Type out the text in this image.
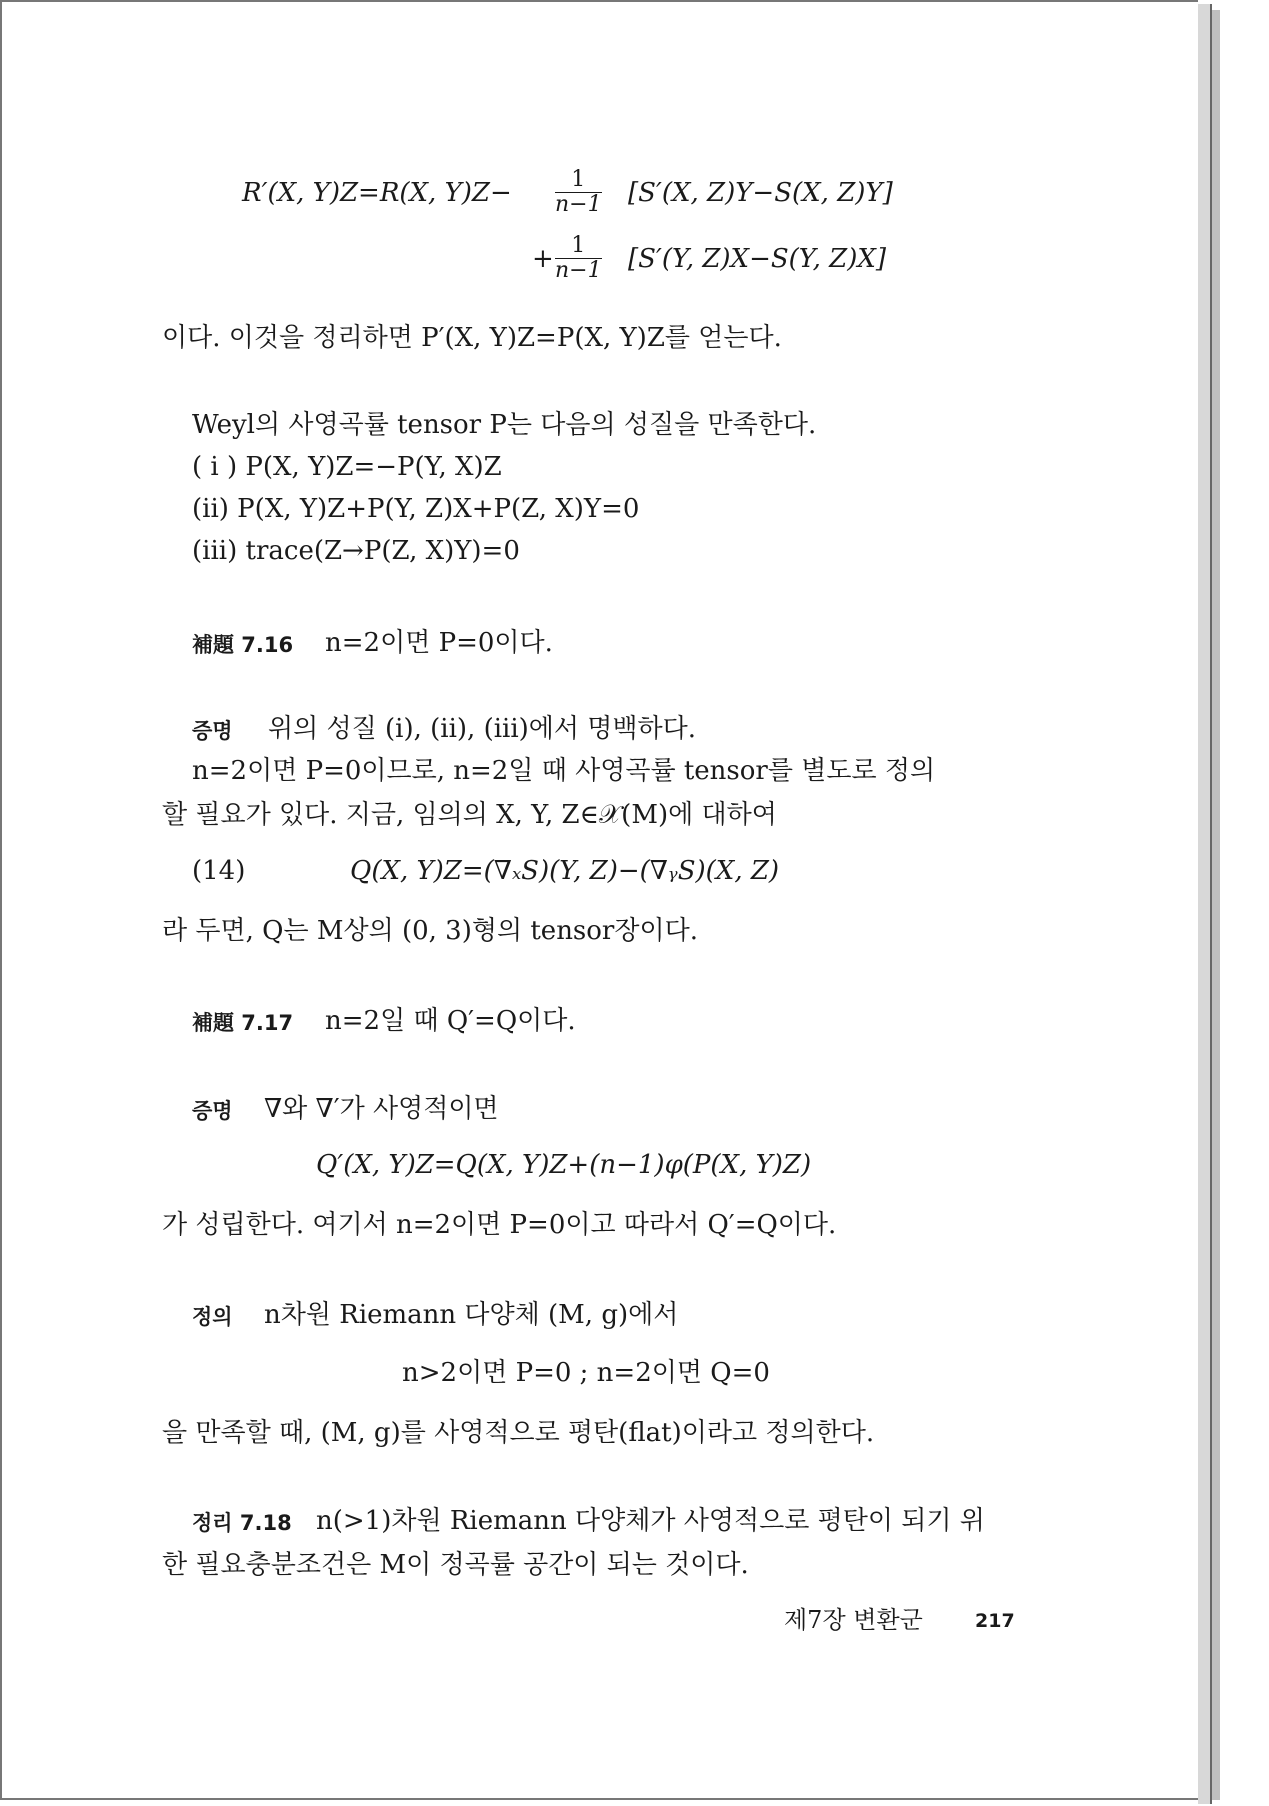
R′(X, Y)Z=R(X, $Y)Z- \frac{1}{n-1} [S'(X$, Z)Y−S(X, Z)Y]
+ $\frac{1}{n-1} [S'(Y$, Z)X−S(Y, Z)X]
이다. 이것을 정리하면 P′(X, Y)Z=P(X, Y)Z를 얻는다.
Weyl의 사영곡률 tensor P는 다음의 성질을 만족한다.
( i ) P(X, Y)Z=−P(Y, X)Z
(ii) P(X, Y)Z+P(Y, Z)X+P(Z, X)Y=0
(iii) trace(Z→P(Z, X)Y)=0
補題 7.16 n=2이면 P=0이다.
증명 위의 성질 (i), (ii), (iii)에서 명백하다.
n=2이면 P=0이므로, n=2일 때 사영곡률 tensor를 별도로 정의
할 필요가 있다. 지금, 임의의 X, Y, Z∈𝒳(M)에 대하여
(14)	Q(X, Y)Z=(∇ₓS)(Y, Z)−(∇ᵧS)(X, Z)
라 두면, Q는 M상의 (0, 3)형의 tensor장이다.
補題 7.17 n=2일 때 Q′=Q이다.
증명 ∇와 ∇′가 사영적이면
Q′(X, Y)Z=Q(X, Y)Z+(n−1)φ(P(X, Y)Z)
가 성립한다. 여기서 n=2이면 P=0이고 따라서 Q′=Q이다.
정의 n차원 Riemann 다양체 (M, g)에서
n>2이면 P=0 ; n=2이면 Q=0
을 만족할 때, (M, g)를 사영적으로 평탄(flat)이라고 정의한다.
정리 7.18 n(>1)차원 Riemann 다양체가 사영적으로 평탄이 되기 위
한 필요충분조건은 M이 정곡률 공간이 되는 것이다.
제7장 변환군	217
